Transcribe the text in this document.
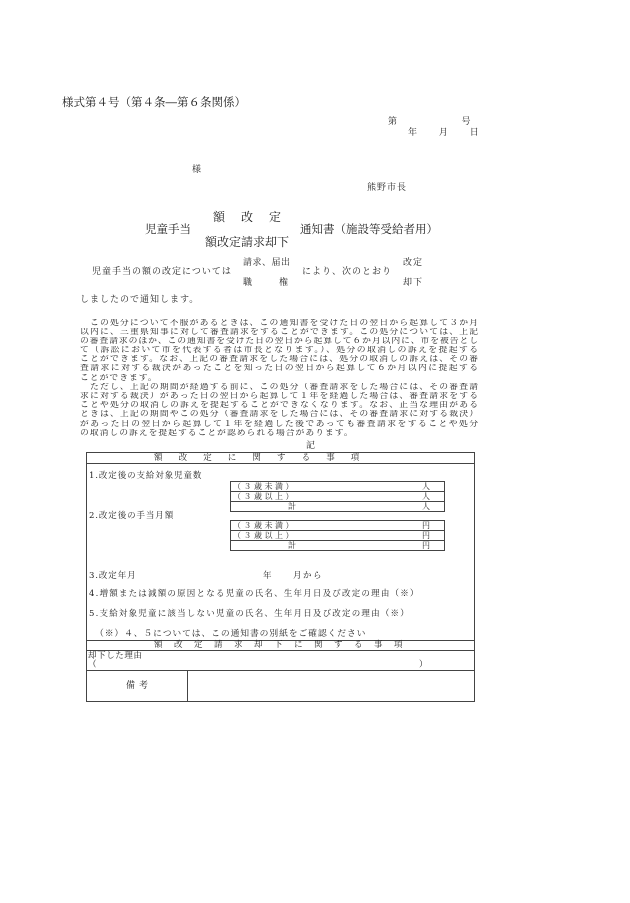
様式第４号（第４条―第６条関係）
第　　　　　　号
年　　月　　日
様
熊野市長
額　改　定
児童手当	通知書（施設等受給者用）
額改定請求却下
請求、届出	改定
児童手当の額の改定については	により、次のとおり
職　　権	却下
しましたので通知します。
　この処分について不服があるときは、この通知書を受けた日の翌日から起算して３か月
以内に、三重県知事に対して審査請求をすることができます。この処分については、上記
の審査請求のほか、この通知書を受けた日の翌日から起算して６か月以内に、市を被告とし
て（訴訟において市を代表する者は市長となります。）、処分の取消しの訴えを提起する
ことができます。なお、上記の審査請求をした場合には、処分の取消しの訴えは、その審
査請求に対する裁決があったことを知った日の翌日から起算して６か月以内に提起する
ことができます。
　ただし、上記の期間が経過する前に、この処分（審査請求をした場合には、その審査請
求に対する裁決）があった日の翌日から起算して１年を経過した場合は、審査請求をする
ことや処分の取消しの訴えを提起することができなくなります。なお、正当な理由がある
ときは、上記の期間やこの処分（審査請求をした場合には、その審査請求に対する裁決）
があった日の翌日から起算して１年を経過した後であっても審査請求をすることや処分
の取消しの訴えを提起することが認められる場合があります。
記
額　改　定　に　関　す　る　事　項
1.改定後の支給対象児童数
（３歳未満）	人
（３歳以上）	人
計	人
2.改定後の手当月額
（３歳未満）	円
（３歳以上）	円
計	円
3.改定年月	年　　月から
4.増額または減額の原因となる児童の氏名、生年月日及び改定の理由（※）
5.支給対象児童に該当しない児童の氏名、生年月日及び改定の理由（※）
（※）４、５については、この通知書の別紙をご確認ください
額　改　定　請　求　却　下　に　関　す　る　事　項
却下した理由
（	）
備考
